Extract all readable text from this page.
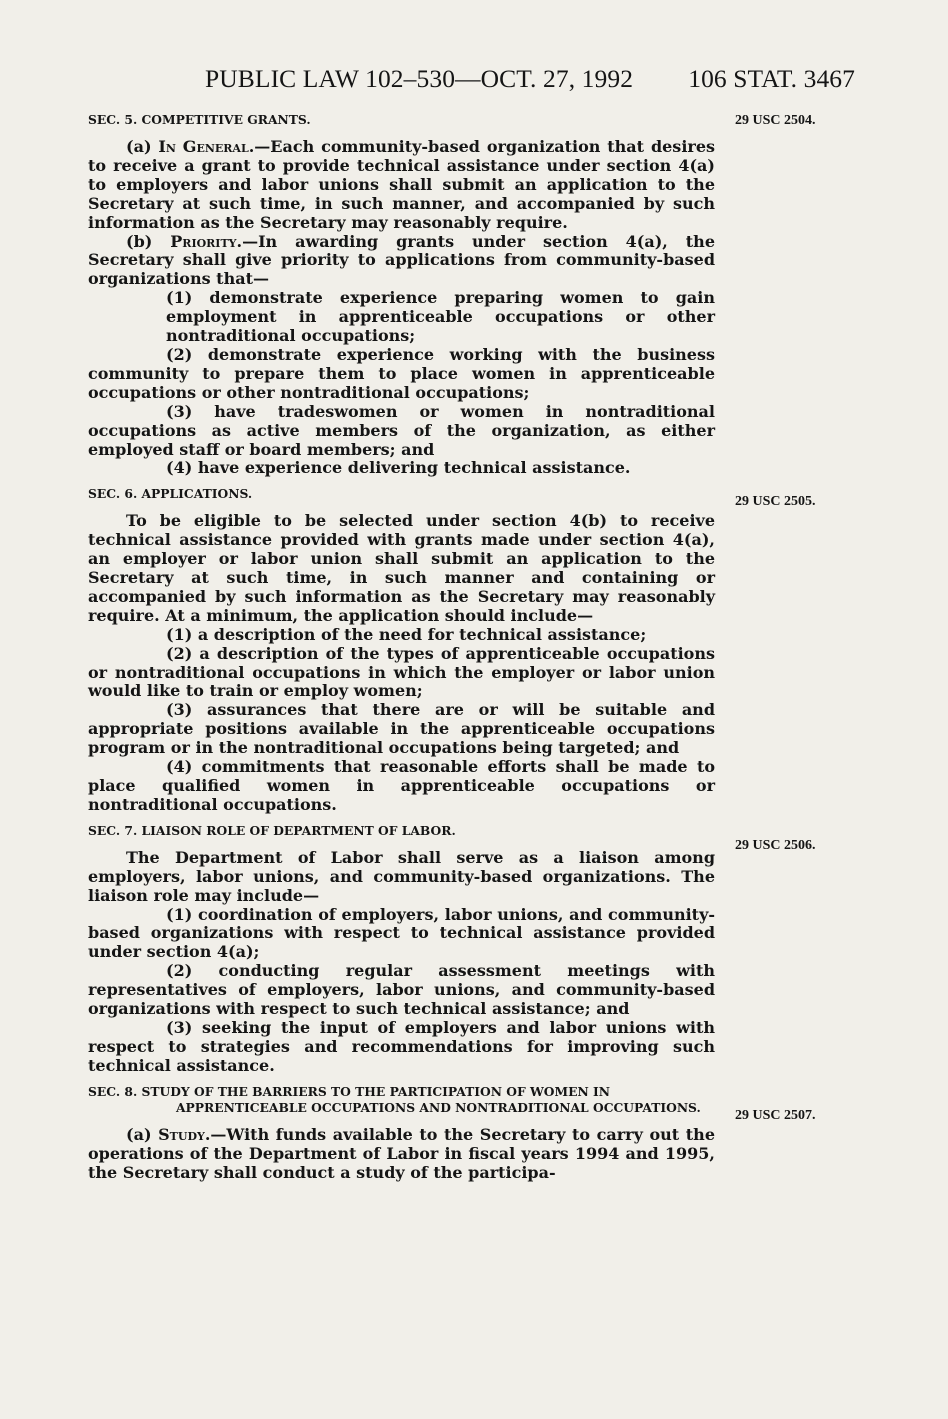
PUBLIC LAW 102–530—OCT. 27, 1992 106 STAT. 3467
29 USC 2504.
29 USC 2505.
29 USC 2506.
29 USC 2507.
SEC. 5. COMPETITIVE GRANTS.

(a) In General.—Each community-based organization that desires to receive a grant to provide technical assistance under section 4(a) to employers and labor unions shall submit an application to the Secretary at such time, in such manner, and accompanied by such information as the Secretary may reasonably require.

(b) Priority.—In awarding grants under section 4(a), the Secretary shall give priority to applications from community-based organizations that—

(1) demonstrate experience preparing women to gain employment in apprenticeable occupations or other nontraditional occupations;

(2) demonstrate experience working with the business community to prepare them to place women in apprenticeable occupations or other nontraditional occupations;

(3) have tradeswomen or women in nontraditional occupations as active members of the organization, as either employed staff or board members; and

(4) have experience delivering technical assistance.

SEC. 6. APPLICATIONS.

To be eligible to be selected under section 4(b) to receive technical assistance provided with grants made under section 4(a), an employer or labor union shall submit an application to the Secretary at such time, in such manner and containing or accompanied by such information as the Secretary may reasonably require. At a minimum, the application should include—

(1) a description of the need for technical assistance;

(2) a description of the types of apprenticeable occupations or nontraditional occupations in which the employer or labor union would like to train or employ women;

(3) assurances that there are or will be suitable and appropriate positions available in the apprenticeable occupations program or in the nontraditional occupations being targeted; and

(4) commitments that reasonable efforts shall be made to place qualified women in apprenticeable occupations or nontraditional occupations.

SEC. 7. LIAISON ROLE OF DEPARTMENT OF LABOR.

The Department of Labor shall serve as a liaison among employers, labor unions, and community-based organizations. The liaison role may include—

(1) coordination of employers, labor unions, and community-based organizations with respect to technical assistance provided under section 4(a);

(2) conducting regular assessment meetings with representatives of employers, labor unions, and community-based organizations with respect to such technical assistance; and

(3) seeking the input of employers and labor unions with respect to strategies and recommendations for improving such technical assistance.

SEC. 8. STUDY OF THE BARRIERS TO THE PARTICIPATION OF WOMEN IN APPRENTICEABLE OCCUPATIONS AND NONTRADITIONAL OCCUPATIONS.

(a) Study.—With funds available to the Secretary to carry out the operations of the Department of Labor in fiscal years 1994 and 1995, the Secretary shall conduct a study of the participa-
